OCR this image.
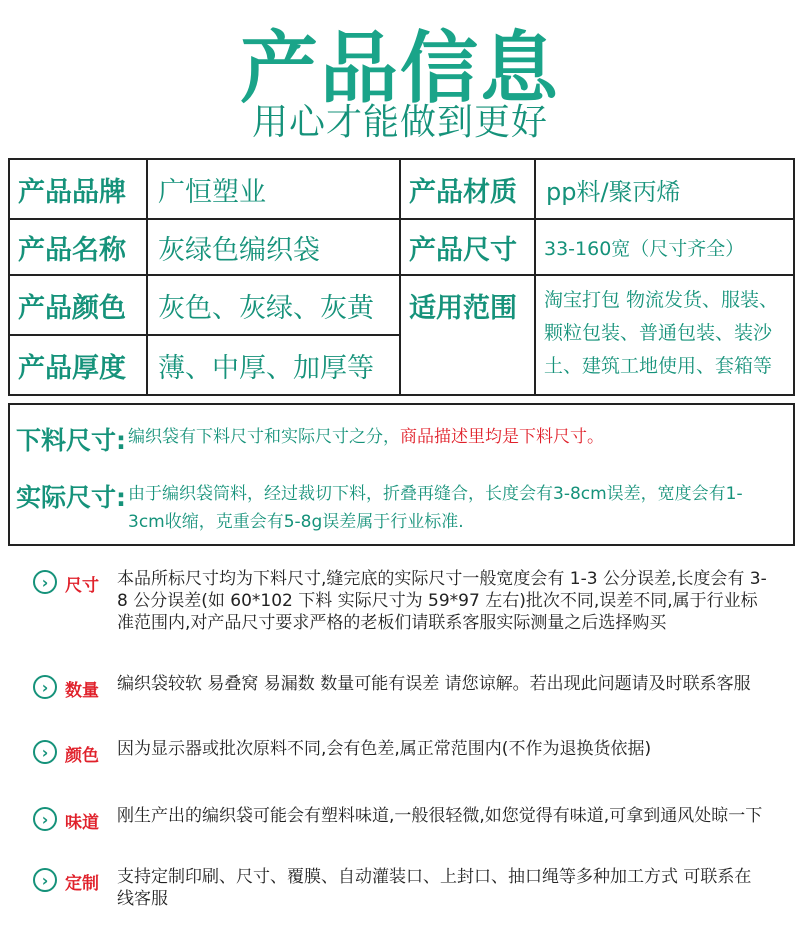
产品信息
用心才能做到更好
产品品牌	广恒塑业	产品材质	pp料/聚丙烯
产品名称	灰绿色编织袋	产品尺寸	33-160宽（尺寸齐全）
产品颜色	灰色、灰绿、灰黄	适用范围	淘宝打包 物流发货、服装、颗粒包装、普通包装、装沙土、建筑工地使用、套箱等
产品厚度	薄、中厚、加厚等
下料尺寸: 编织袋有下料尺寸和实际尺寸之分，商品描述里均是下料尺寸。
实际尺寸: 由于编织袋筒料，经过裁切下料，折叠再缝合，长度会有3-8cm误差，宽度会有1-3cm收缩，克重会有5-8g误差属于行业标准.
› 尺寸	本品所标尺寸均为下料尺寸,缝完底的实际尺寸一般宽度会有 1-3 公分误差,长度会有 3-8 公分误差(如 60*102 下料 实际尺寸为 59*97 左右)批次不同,误差不同,属于行业标准范围内,对产品尺寸要求严格的老板们请联系客服实际测量之后选择购买
› 数量	编织袋较软 易叠窝 易漏数 数量可能有误差 请您谅解。若出现此问题请及时联系客服
› 颜色	因为显示器或批次原料不同,会有色差,属正常范围内(不作为退换货依据)
› 味道	刚生产出的编织袋可能会有塑料味道,一般很轻微,如您觉得有味道,可拿到通风处晾一下
› 定制	支持定制印刷、尺寸、覆膜、自动灌装口、上封口、抽口绳等多种加工方式 可联系在线客服
